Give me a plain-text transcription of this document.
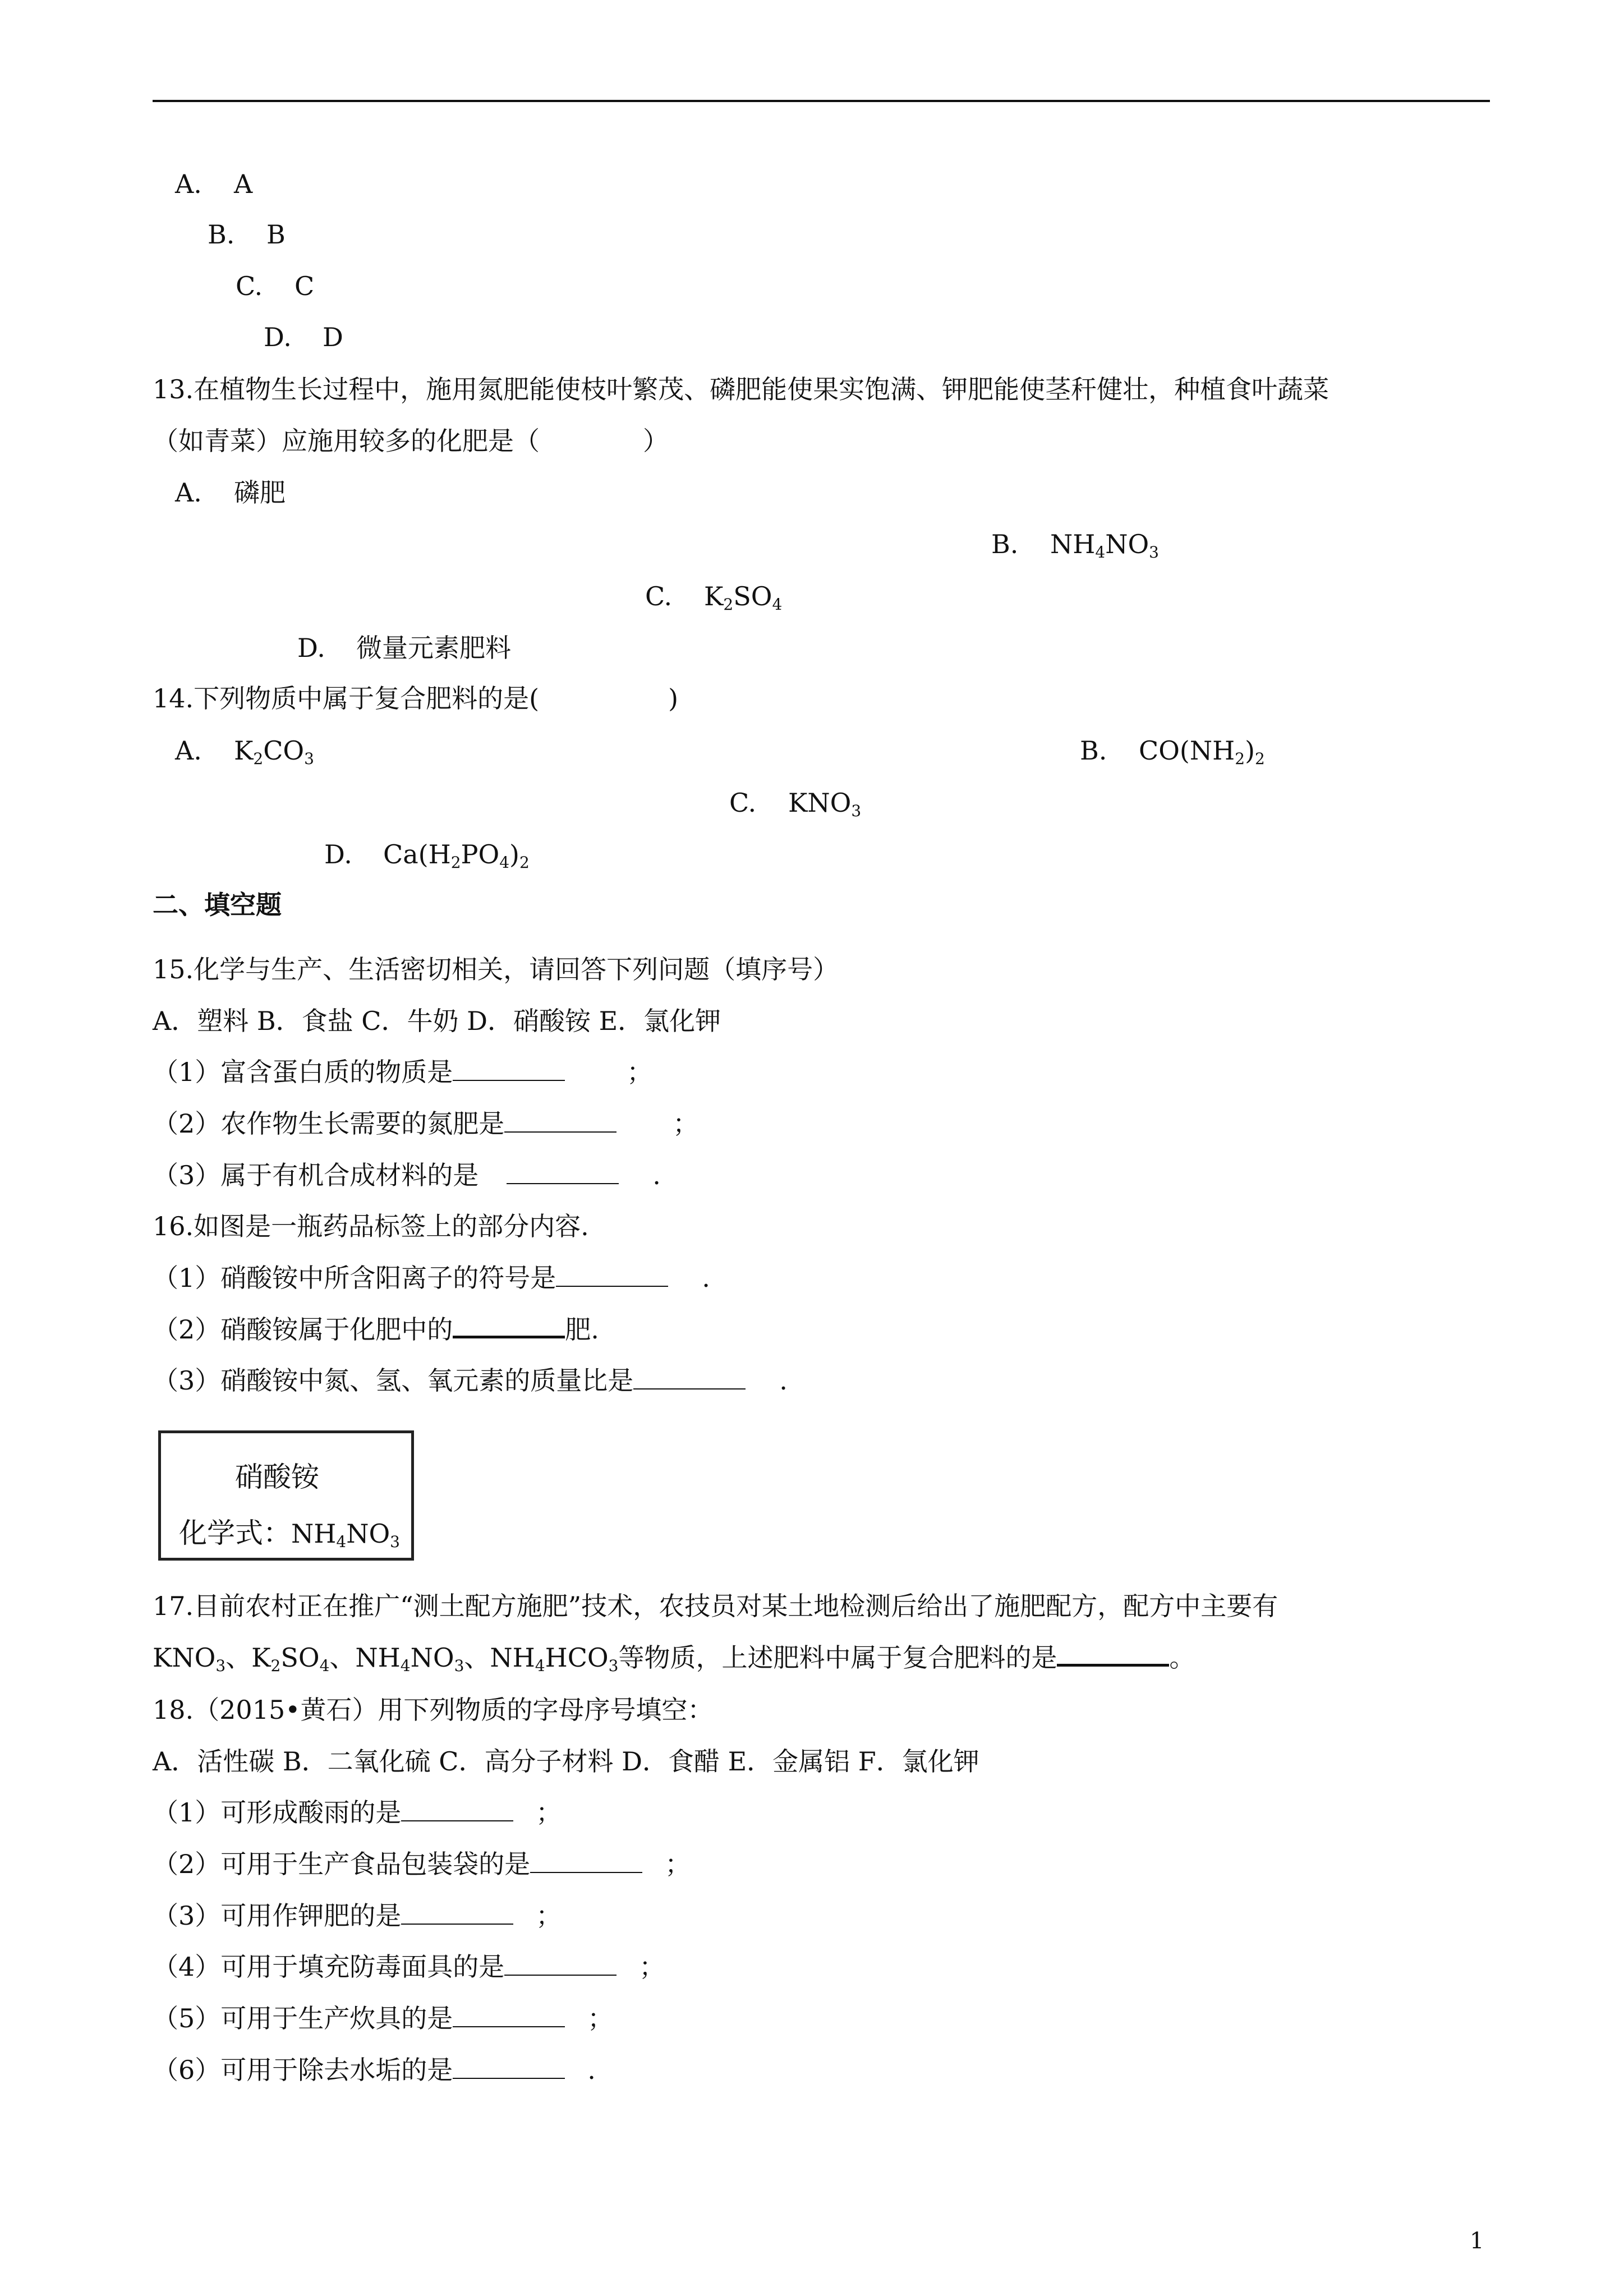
A. A
B. B
C. C
D. D
13.在植物生长过程中，施用氮肥能使枝叶繁茂、磷肥能使果实饱满、钾肥能使茎秆健壮，种植食叶蔬菜
（如青菜）应施用较多的化肥是（　　　　）
A. 磷肥
B. $NH_4NO_3$
C. $K_2SO_4$
D. 微量元素肥料
14.下列物质中属于复合肥料的是(　　　　　)
A. $K_2CO_3$	B. $CO(NH_2)_2$
C. $KNO_3$
D. $Ca(H_2PO_4)_2$
二、填空题
15.化学与生产、生活密切相关，请回答下列问题（填序号）
A．塑料 B．食盐 C．牛奶 D．硝酸铵 E．氯化钾
（1）富含蛋白质的物质是	；
（2）农作物生长需要的氮肥是	；
（3）属于有机合成材料的是	.
16.如图是一瓶药品标签上的部分内容.
（1）硝酸铵中所含阳离子的符号是	.
（2）硝酸铵属于化肥中的	肥.
（3）硝酸铵中氮、氢、氧元素的质量比是	.
硝酸铵
化学式：$NH_4NO_3$
17.目前农村正在推广“测土配方施肥”技术，农技员对某土地检测后给出了施肥配方，配方中主要有
$KNO_3$、$K_2SO_4$、$NH_4NO_3$、$NH_4HCO_3$等物质，上述肥料中属于复合肥料的是	。
18.（2015•黄石）用下列物质的字母序号填空：
A．活性碳 B．二氧化硫 C．高分子材料 D．食醋 E．金属铝 F．氯化钾
（1）可形成酸雨的是	；
（2）可用于生产食品包装袋的是	；
（3）可用作钾肥的是	；
（4）可用于填充防毒面具的是	；
（5）可用于生产炊具的是	；
（6）可用于除去水垢的是	.
1
